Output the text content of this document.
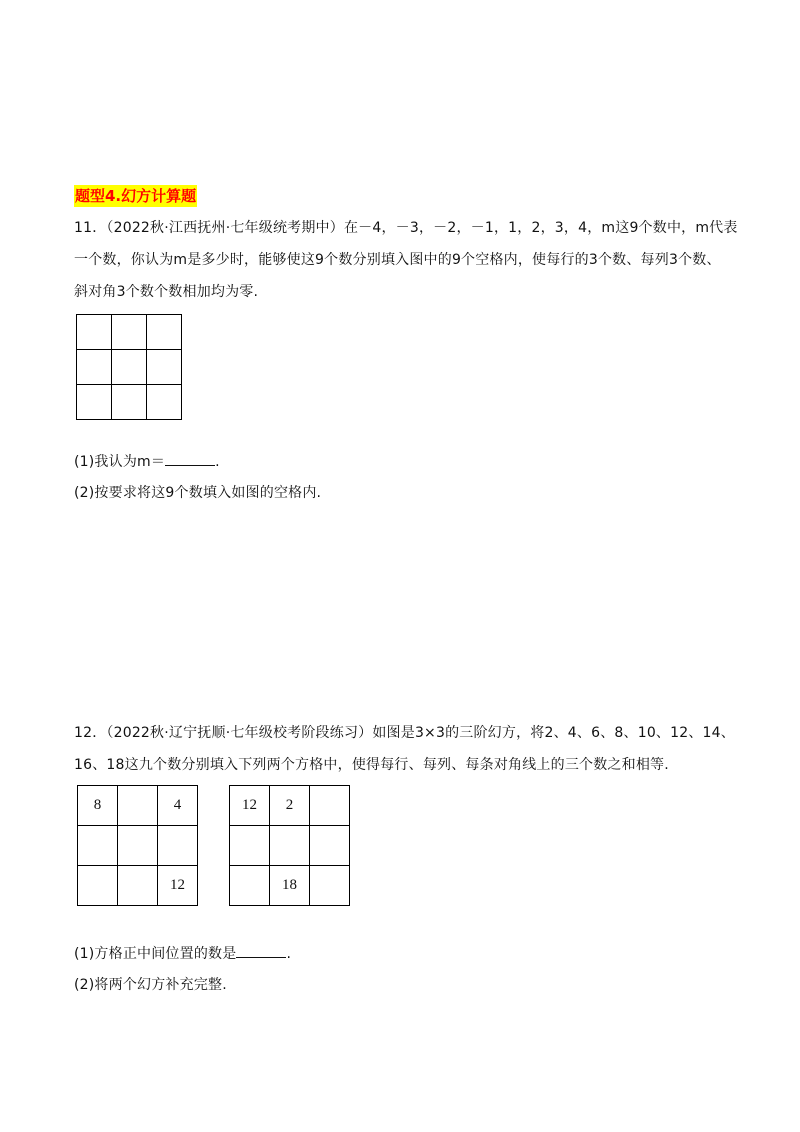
题型4.幻方计算题
11．（2022秋·江西抚州·七年级统考期中）在－4，－3，－2，－1，1，2，3，4，m这9个数中，m代表
一个数，你认为m是多少时，能够使这9个数分别填入图中的9个空格内，使每行的3个数、每列3个数、
斜对角3个数个数相加均为零.

(1)我认为m＝	.
(2)按要求将这9个数填入如图的空格内.
12．（2022秋·辽宁抚顺·七年级校考阶段练习）如图是3×3的三阶幻方，将2、4、6、8、10、12、14、
16、18这九个数分别填入下列两个方格中，使得每行、每列、每条对角线上的三个数之和相等.
8		4

		12
12	2	

	18	
(1)方格正中间位置的数是	.
(2)将两个幻方补充完整.
